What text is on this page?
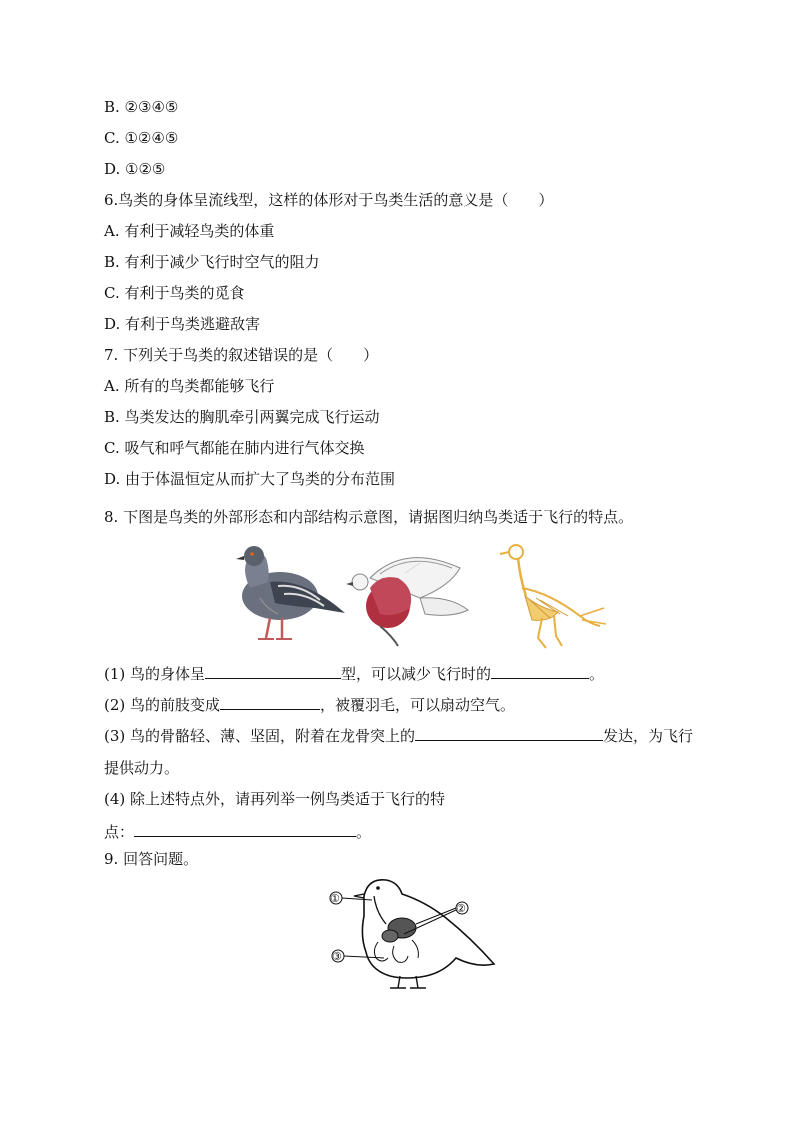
B. ②③④⑤
C. ①②④⑤
D. ①②⑤
6.鸟类的身体呈流线型，这样的体形对于鸟类生活的意义是（　　）
A. 有利于减轻鸟类的体重
B. 有利于减少飞行时空气的阻力
C. 有利于鸟类的觅食
D. 有利于鸟类逃避敌害
7. 下列关于鸟类的叙述错误的是（　　）
A. 所有的鸟类都能够飞行
B. 鸟类发达的胸肌牵引两翼完成飞行运动
C. 吸气和呼气都能在肺内进行气体交换
D. 由于体温恒定从而扩大了鸟类的分布范围
8. 下图是鸟类的外部形态和内部结构示意图，请据图归纳鸟类适于飞行的特点。
(1) 鸟的身体呈	型，可以减少飞行时的	。
(2) 鸟的前肢变成	，被覆羽毛，可以扇动空气。
(3) 鸟的骨骼轻、薄、坚固，附着在龙骨突上的	发达，为飞行
提供动力。
(4) 除上述特点外，请再列举一例鸟类适于飞行的特
点：	。
9. 回答问题。
①
②
③
